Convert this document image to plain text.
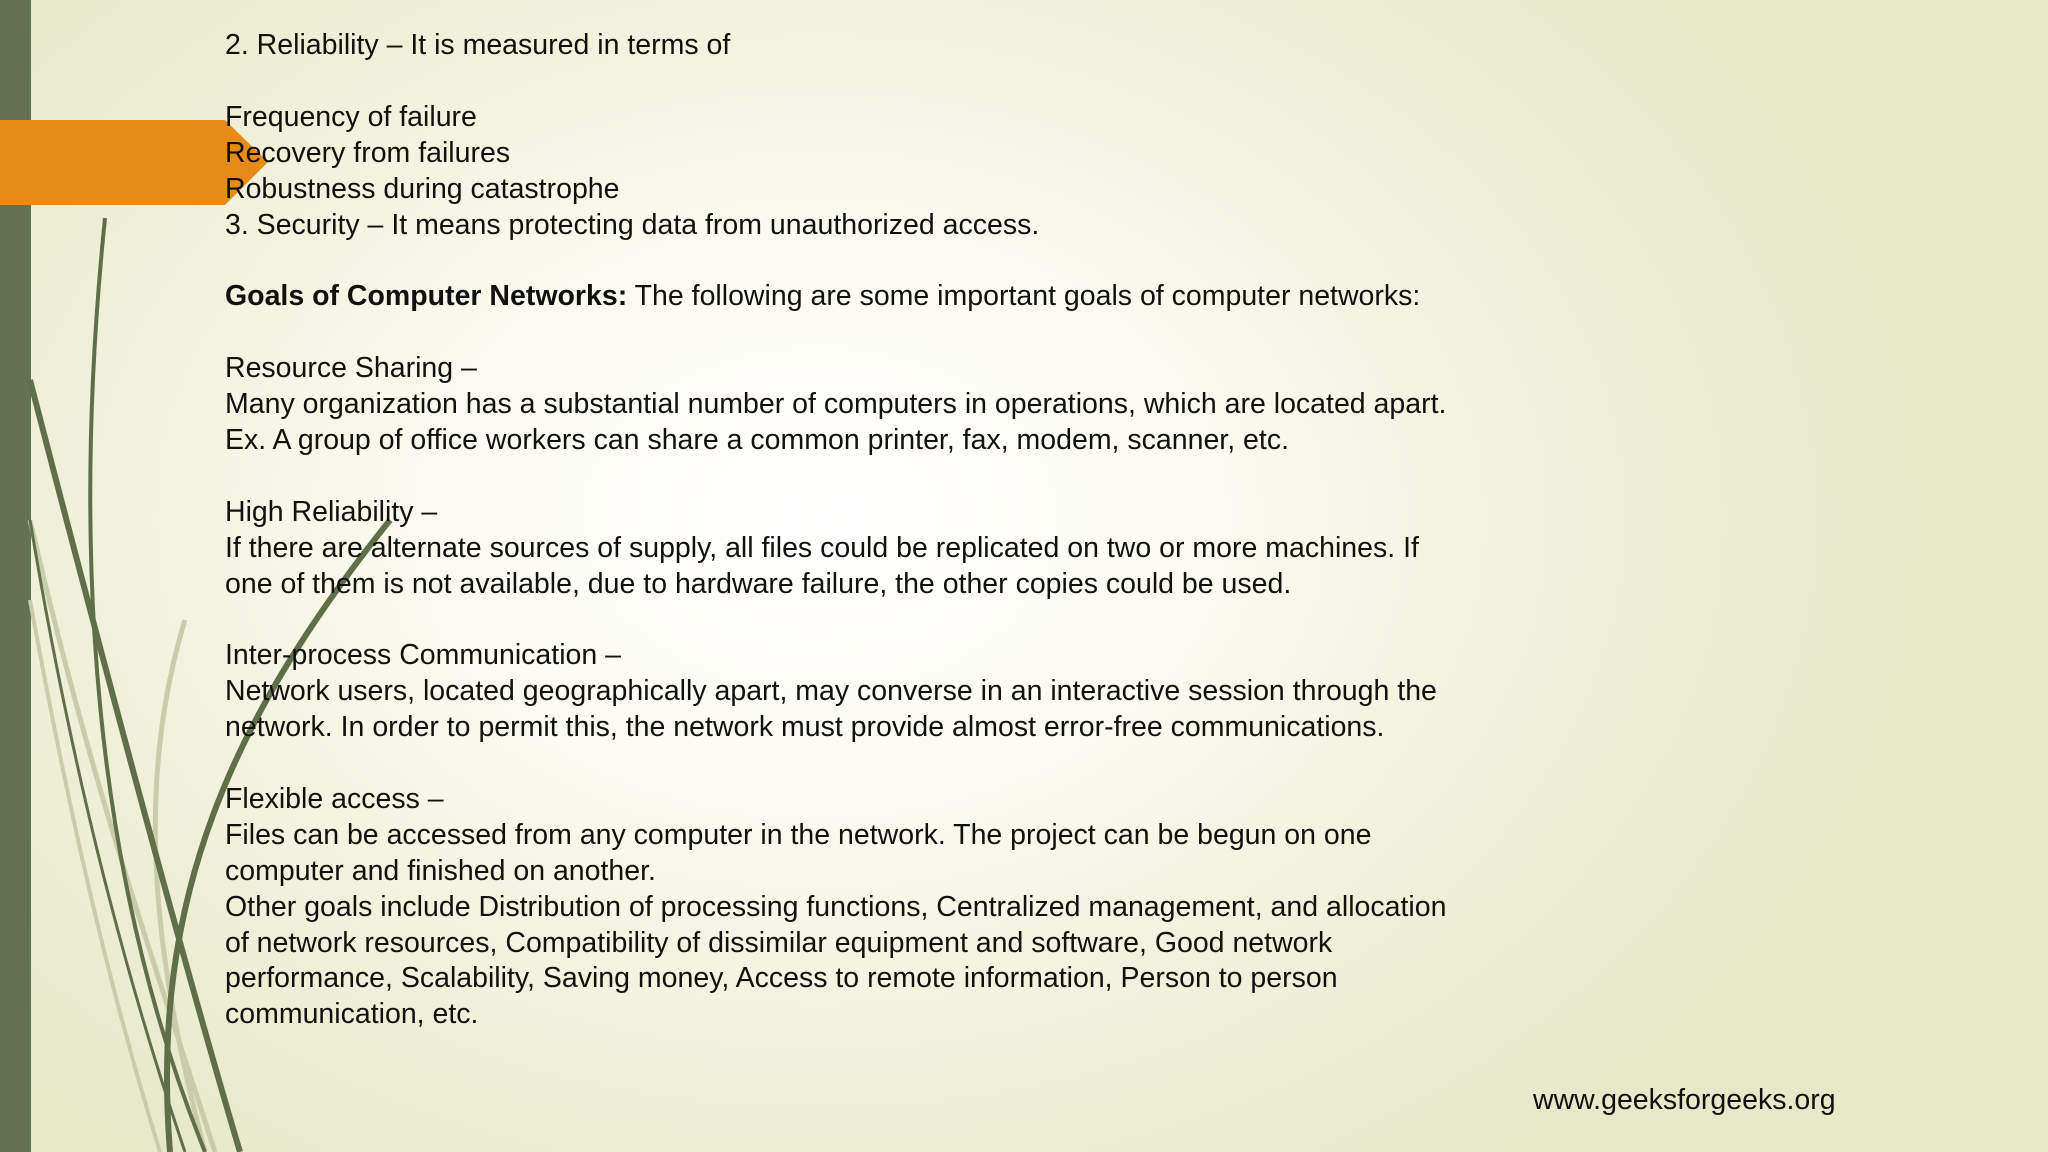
2. Reliability – It is measured in terms of
Frequency of failure
Recovery from failures
Robustness during catastrophe
3. Security – It means protecting data from unauthorized access.
Goals of Computer Networks: The following are some important goals of computer networks:
Resource Sharing –
Many organization has a substantial number of computers in operations, which are located apart.
Ex. A group of office workers can share a common printer, fax, modem, scanner, etc.
High Reliability –
If there are alternate sources of supply, all files could be replicated on two or more machines. If
one of them is not available, due to hardware failure, the other copies could be used.
Inter-process Communication –
Network users, located geographically apart, may converse in an interactive session through the
network. In order to permit this, the network must provide almost error-free communications.
Flexible access –
Files can be accessed from any computer in the network. The project can be begun on one
computer and finished on another.
Other goals include Distribution of processing functions, Centralized management, and allocation
of network resources, Compatibility of dissimilar equipment and software, Good network
performance, Scalability, Saving money, Access to remote information, Person to person
communication, etc.
www.geeksforgeeks.org
